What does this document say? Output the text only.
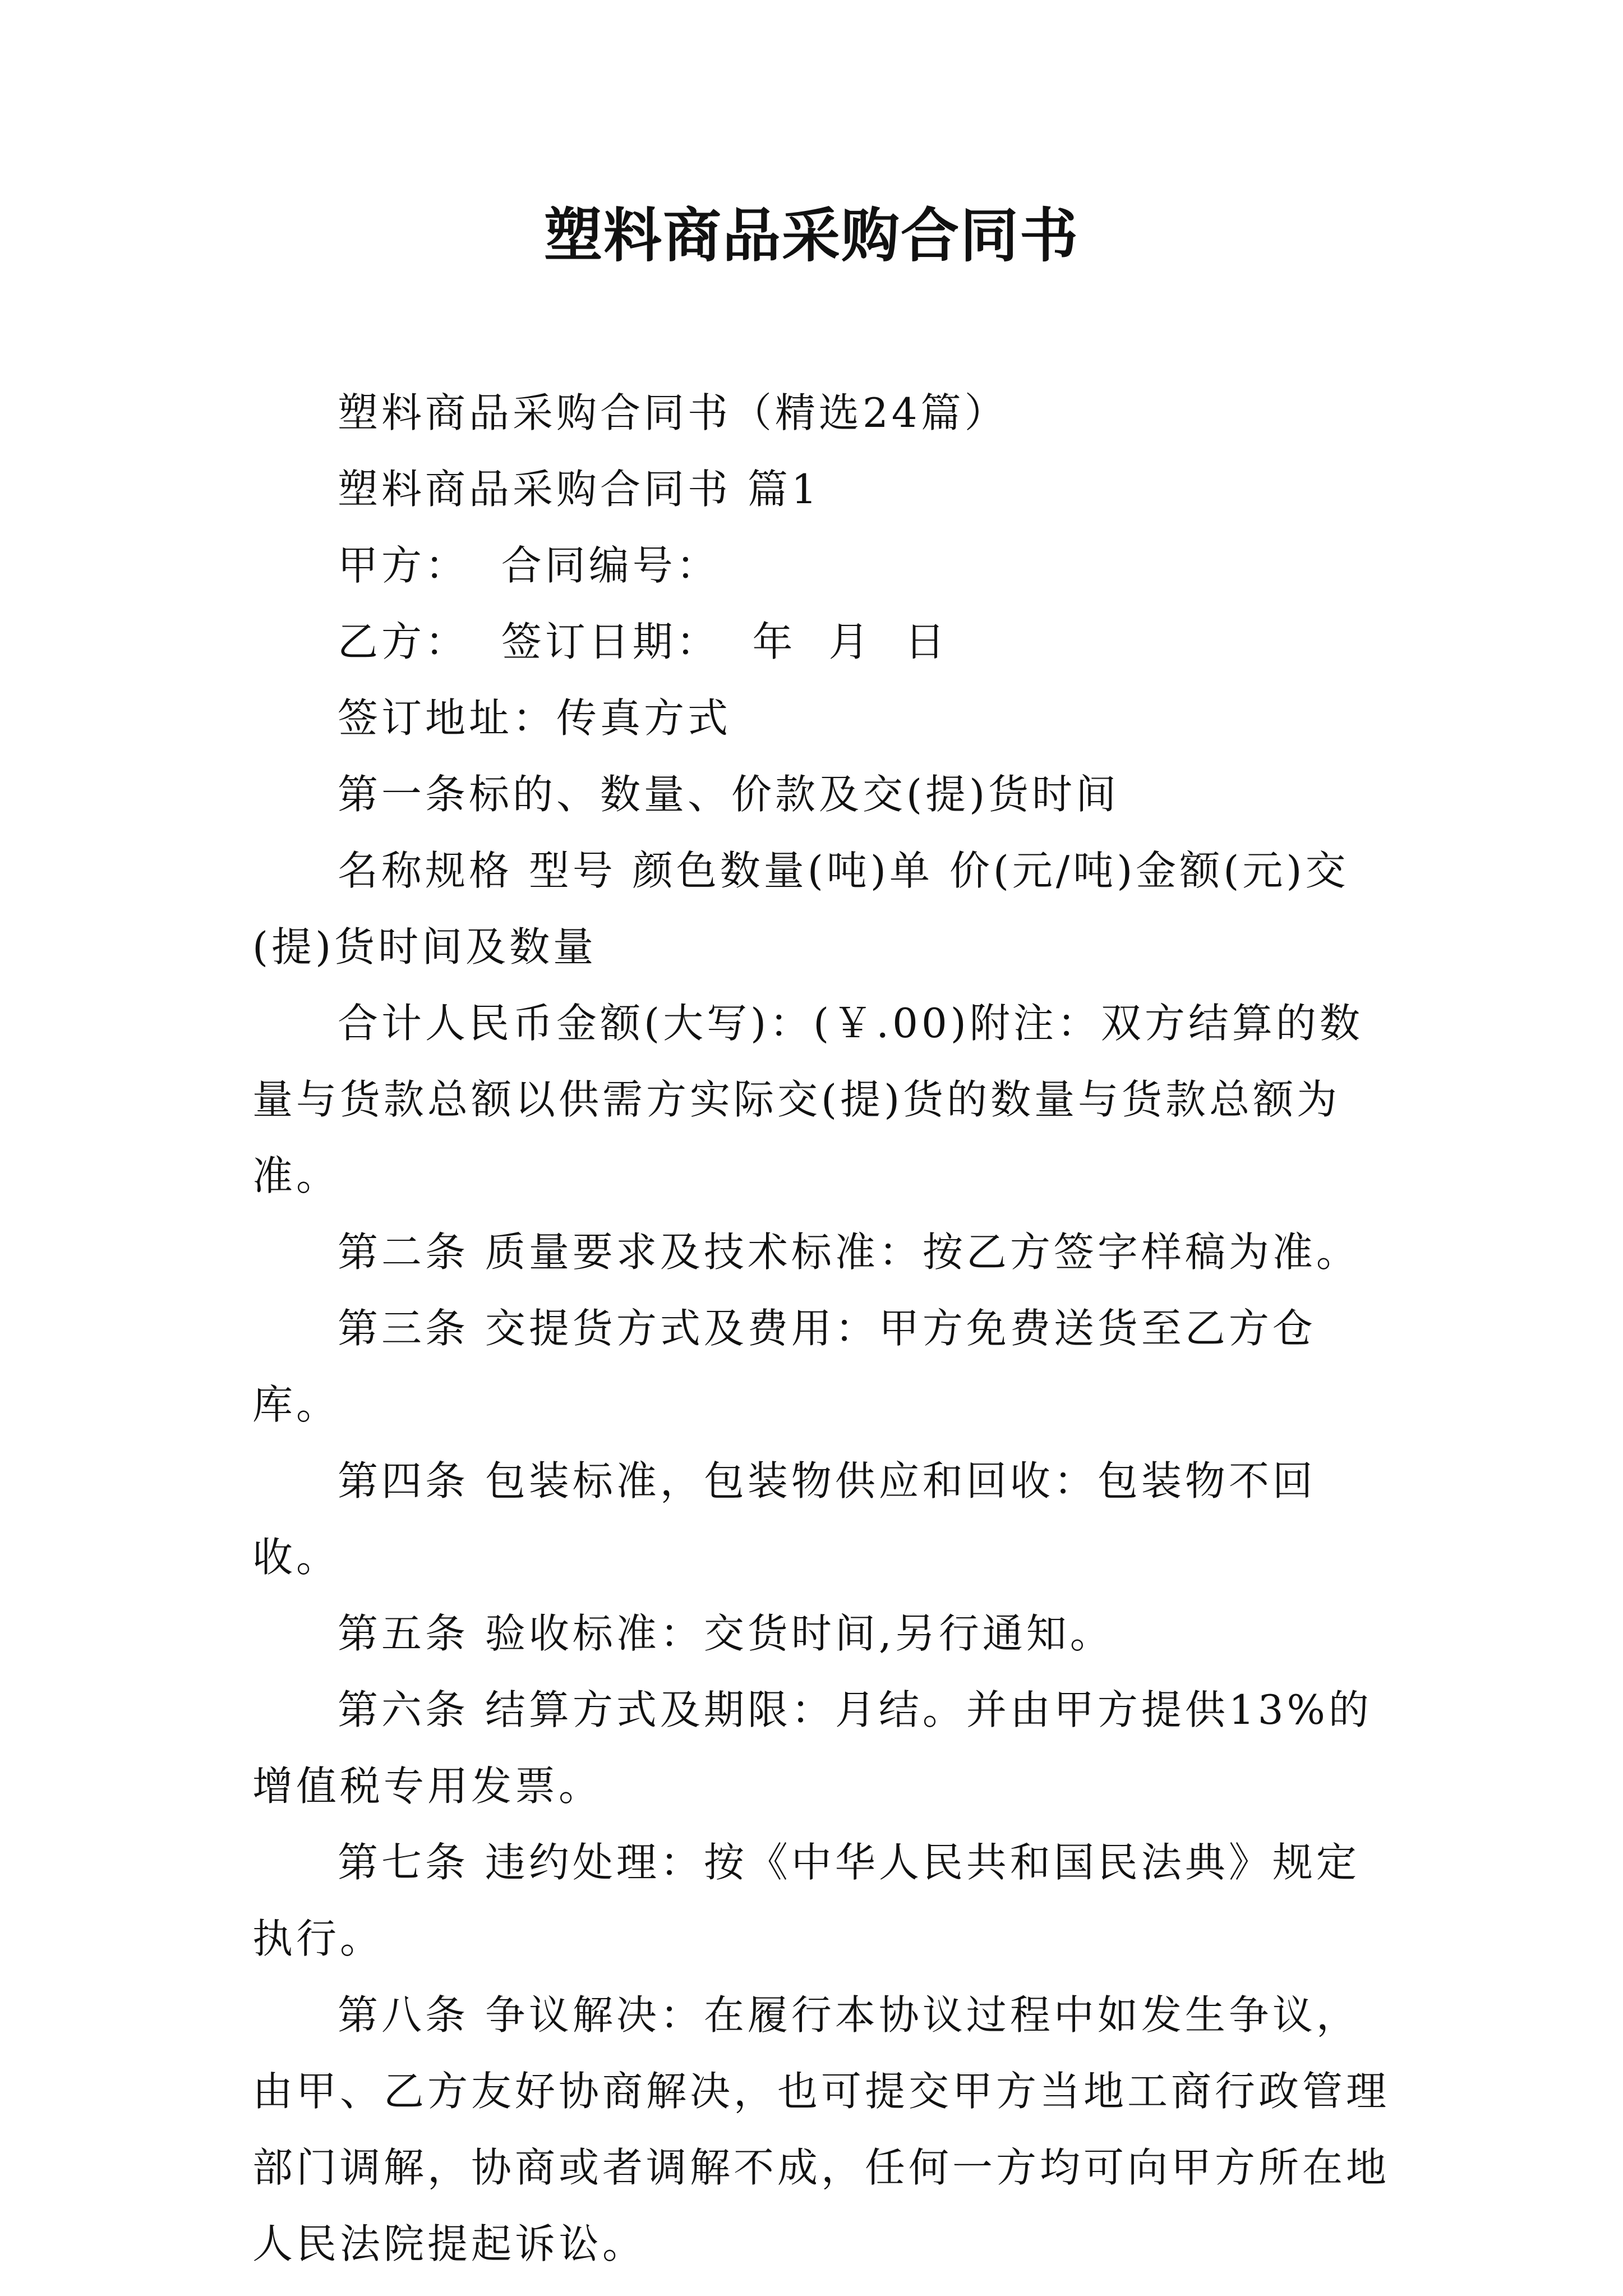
塑料商品采购合同书

塑料商品采购合同书（精选24篇）

塑料商品采购合同书 篇1

甲方：  合同编号：

乙方：  签订日期：  年  月  日

签订地址：传真方式

第一条标的、数量、价款及交(提)货时间

名称规格 型号 颜色数量(吨)单 价(元/吨)金额(元)交(提)货时间及数量

合计人民币金额(大写)：(￥.00)附注：双方结算的数量与货款总额以供需方实际交(提)货的数量与货款总额为准。

第二条 质量要求及技术标准：按乙方签字样稿为准。

第三条 交提货方式及费用：甲方免费送货至乙方仓库。

第四条 包装标准，包装物供应和回收：包装物不回收。

第五条 验收标准：交货时间,另行通知。

第六条 结算方式及期限：月结。并由甲方提供13%的增值税专用发票。

第七条 违约处理：按《中华人民共和国民法典》规定执行。

第八条 争议解决：在履行本协议过程中如发生争议，由甲、乙方友好协商解决，也可提交甲方当地工商行政管理部门调解，协商或者调解不成，任何一方均可向甲方所在地人民法院提起诉讼。
